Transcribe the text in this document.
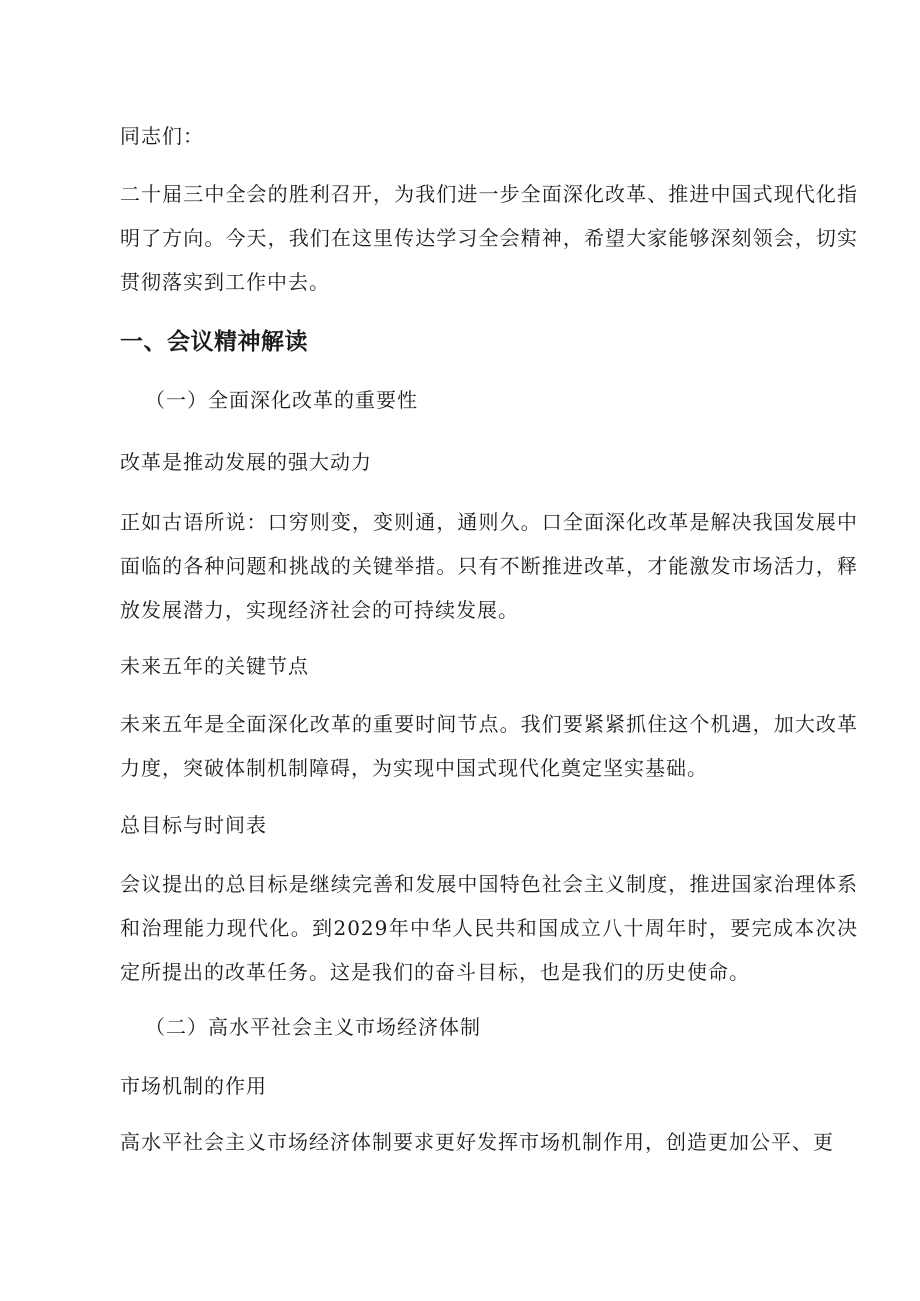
同志们：

二十届三中全会的胜利召开，为我们进一步全面深化改革、推进中国式现代化指明了方向。今天，我们在这里传达学习全会精神，希望大家能够深刻领会，切实贯彻落实到工作中去。

一、会议精神解读

（一）全面深化改革的重要性

改革是推动发展的强大动力

正如古语所说：口穷则变，变则通，通则久。口全面深化改革是解决我国发展中面临的各种问题和挑战的关键举措。只有不断推进改革，才能激发市场活力，释放发展潜力，实现经济社会的可持续发展。

未来五年的关键节点

未来五年是全面深化改革的重要时间节点。我们要紧紧抓住这个机遇，加大改革力度，突破体制机制障碍，为实现中国式现代化奠定坚实基础。

总目标与时间表

会议提出的总目标是继续完善和发展中国特色社会主义制度，推进国家治理体系和治理能力现代化。到2029年中华人民共和国成立八十周年时，要完成本次决定所提出的改革任务。这是我们的奋斗目标，也是我们的历史使命。

（二）高水平社会主义市场经济体制

市场机制的作用

高水平社会主义市场经济体制要求更好发挥市场机制作用，创造更加公平、更
